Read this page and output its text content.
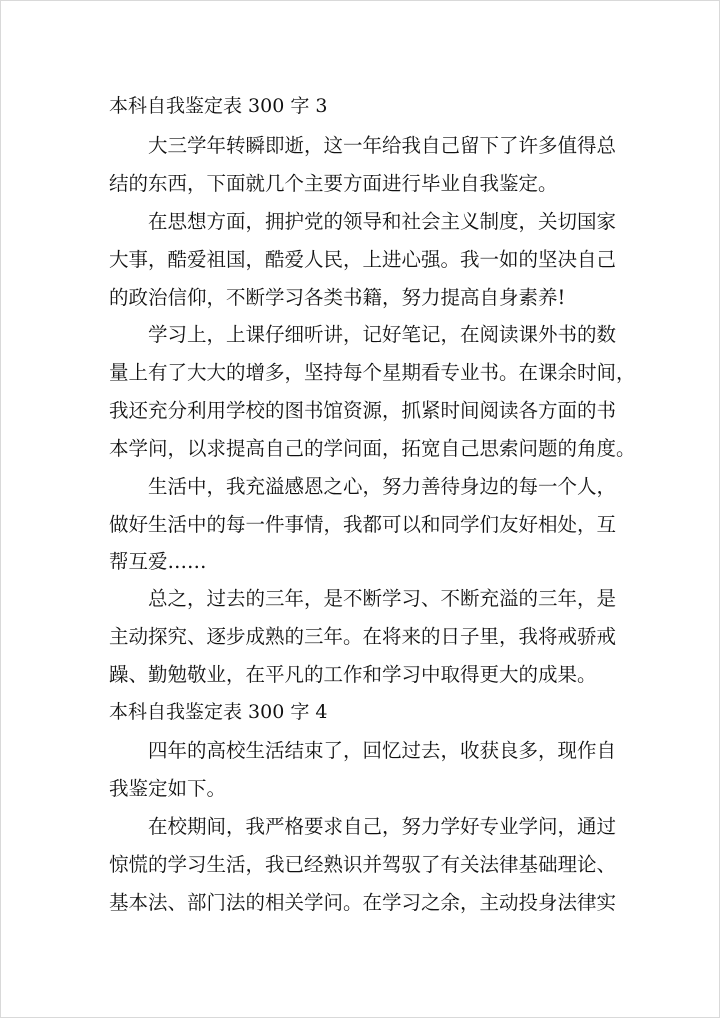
本科自我鉴定表 300 字 3
大三学年转瞬即逝，这一年给我自己留下了许多值得总
结的东西，下面就几个主要方面进行毕业自我鉴定。
在思想方面，拥护党的领导和社会主义制度，关切国家
大事，酷爱祖国，酷爱人民，上进心强。我一如的坚决自己
的政治信仰，不断学习各类书籍，努力提高自身素养!
学习上，上课仔细听讲，记好笔记，在阅读课外书的数
量上有了大大的增多，坚持每个星期看专业书。在课余时间，
我还充分利用学校的图书馆资源，抓紧时间阅读各方面的书
本学问，以求提高自己的学问面，拓宽自己思索问题的角度。
生活中，我充溢感恩之心，努力善待身边的每一个人，
做好生活中的每一件事情，我都可以和同学们友好相处，互
帮互爱……
总之，过去的三年，是不断学习、不断充溢的三年，是
主动探究、逐步成熟的三年。在将来的日子里，我将戒骄戒
躁、勤勉敬业，在平凡的工作和学习中取得更大的成果。
本科自我鉴定表 300 字 4
四年的高校生活结束了，回忆过去，收获良多，现作自
我鉴定如下。
在校期间，我严格要求自己，努力学好专业学问，通过
惊慌的学习生活，我已经熟识并驾驭了有关法律基础理论、
基本法、部门法的相关学问。在学习之余，主动投身法律实
